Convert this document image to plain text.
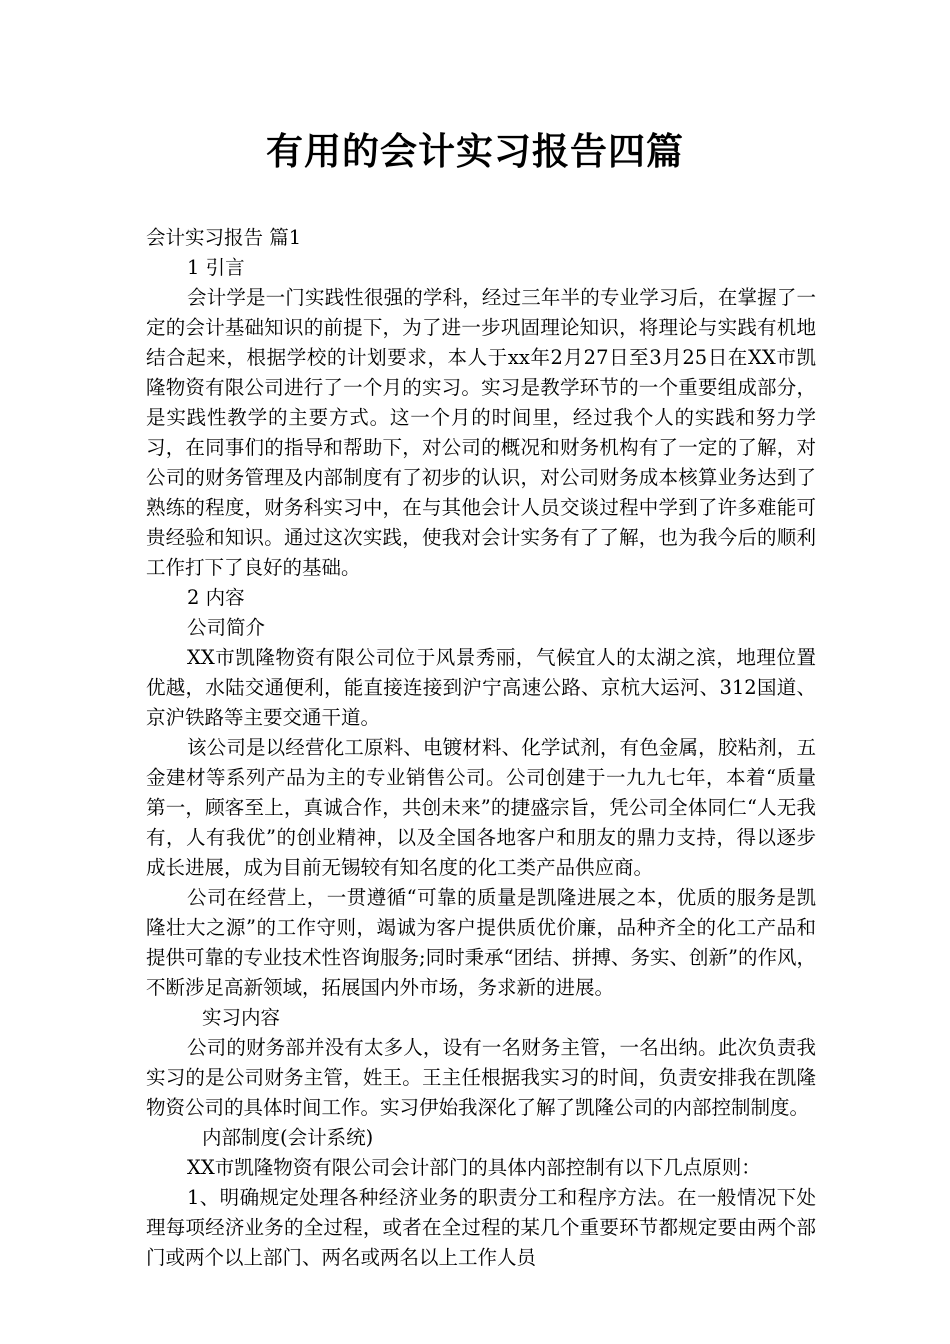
有用的会计实习报告四篇

会计实习报告 篇1

1 引言

会计学是一门实践性很强的学科，经过三年半的专业学习后，在掌握了一定的会计基础知识的前提下，为了进一步巩固理论知识，将理论与实践有机地结合起来，根据学校的计划要求，本人于xx年2月27日至3月25日在XX市凯隆物资有限公司进行了一个月的实习。实习是教学环节的一个重要组成部分，是实践性教学的主要方式。这一个月的时间里，经过我个人的实践和努力学习，在同事们的指导和帮助下，对公司的概况和财务机构有了一定的了解，对公司的财务管理及内部制度有了初步的认识，对公司财务成本核算业务达到了熟练的程度，财务科实习中，在与其他会计人员交谈过程中学到了许多难能可贵经验和知识。通过这次实践，使我对会计实务有了了解，也为我今后的顺利工作打下了良好的基础。

2 内容

公司简介

XX市凯隆物资有限公司位于风景秀丽，气候宜人的太湖之滨，地理位置优越，水陆交通便利，能直接连接到沪宁高速公路、京杭大运河、312国道、京沪铁路等主要交通干道。

该公司是以经营化工原料、电镀材料、化学试剂，有色金属，胶粘剂，五金建材等系列产品为主的专业销售公司。公司创建于一九九七年，本着“质量第一，顾客至上，真诚合作，共创未来”的捷盛宗旨，凭公司全体同仁“人无我有，人有我优”的创业精神，以及全国各地客户和朋友的鼎力支持，得以逐步成长进展，成为目前无锡较有知名度的化工类产品供应商。

公司在经营上，一贯遵循“可靠的质量是凯隆进展之本，优质的服务是凯隆壮大之源”的工作守则，竭诚为客户提供质优价廉，品种齐全的化工产品和提供可靠的专业技术性咨询服务;同时秉承“团结、拼搏、务实、创新”的作风，不断涉足高新领域，拓展国内外市场，务求新的进展。

实习内容

公司的财务部并没有太多人，设有一名财务主管，一名出纳。此次负责我实习的是公司财务主管，姓王。王主任根据我实习的时间，负责安排我在凯隆物资公司的具体时间工作。实习伊始我深化了解了凯隆公司的内部控制制度。

内部制度(会计系统)

XX市凯隆物资有限公司会计部门的具体内部控制有以下几点原则：

1、明确规定处理各种经济业务的职责分工和程序方法。在一般情况下处理每项经济业务的全过程，或者在全过程的某几个重要环节都规定要由两个部门或两个以上部门、两名或两名以上工作人员
